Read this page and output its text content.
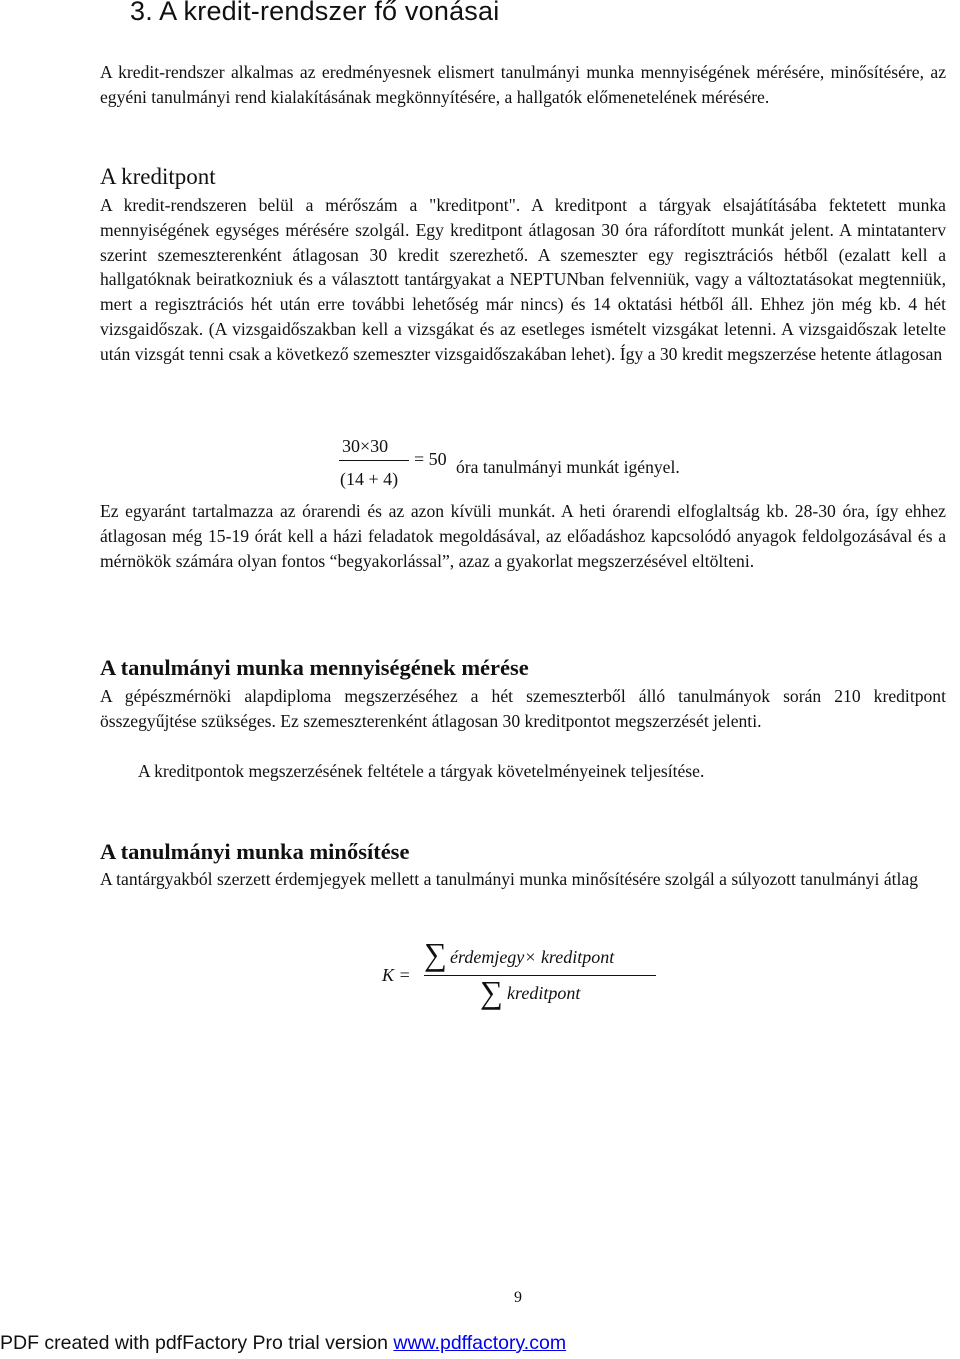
3. A kredit-rendszer fő vonásai

A kredit-rendszer alkalmas az eredményesnek elismert tanulmányi munka mennyiségének mérésére, minősítésére, az egyéni tanulmányi rend kialakításának megkönnyítésére, a hallgatók előmenetelének mérésére.

A kreditpont

A kredit-rendszeren belül a mérőszám a "kreditpont". A kreditpont a tárgyak elsajátításába fektetett munka mennyiségének egységes mérésére szolgál. Egy kreditpont átlagosan 30 óra ráfordított munkát jelent. A mintatanterv szerint szemeszterenként átlagosan 30 kredit szerezhető. A szemeszter egy regisztrációs hétből (ezalatt kell a hallgatóknak beiratkozniuk és a választott tantárgyakat a NEPTUNban felvenniük, vagy a változtatásokat megtenniük, mert a regisztrációs hét után erre további lehetőség már nincs) és 14 oktatási hétből áll. Ehhez jön még kb. 4 hét vizsgaidőszak. (A vizsgaidőszakban kell a vizsgákat és az esetleges ismételt vizsgákat letenni. A vizsgaidőszak letelte után vizsgát tenni csak a következő szemeszter vizsgaidőszakában lehet). Így a 30 kredit megszerzése hetente átlagosan

30×30
(14 + 4)
= 50 óra tanulmányi munkát igényel.

Ez egyaránt tartalmazza az órarendi és az azon kívüli munkát. A heti órarendi elfoglaltság kb. 28-30 óra, így ehhez átlagosan még 15-19 órát kell a házi feladatok megoldásával, az előadáshoz kapcsolódó anyagok feldolgozásával és a mérnökök számára olyan fontos “begyakorlással”, azaz a gyakorlat megszerzésével eltölteni.

A tanulmányi munka mennyiségének mérése

A gépészmérnöki alapdiploma megszerzéséhez a hét szemeszterből álló tanulmányok során 210 kreditpont összegyűjtése szükséges. Ez szemeszterenként átlagosan 30 kreditpontot megszerzését jelenti.

A kreditpontok megszerzésének feltétele a tárgyak követelményeinek teljesítése.

A tanulmányi munka minősítése

A tantárgyakból szerzett érdemjegyek mellett a tanulmányi munka minősítésére szolgál a súlyozott tanulmányi átlag

K =
∑ érdemjegy× kreditpont
∑ kreditpont

9

PDF created with pdfFactory Pro trial version www.pdffactory.com
